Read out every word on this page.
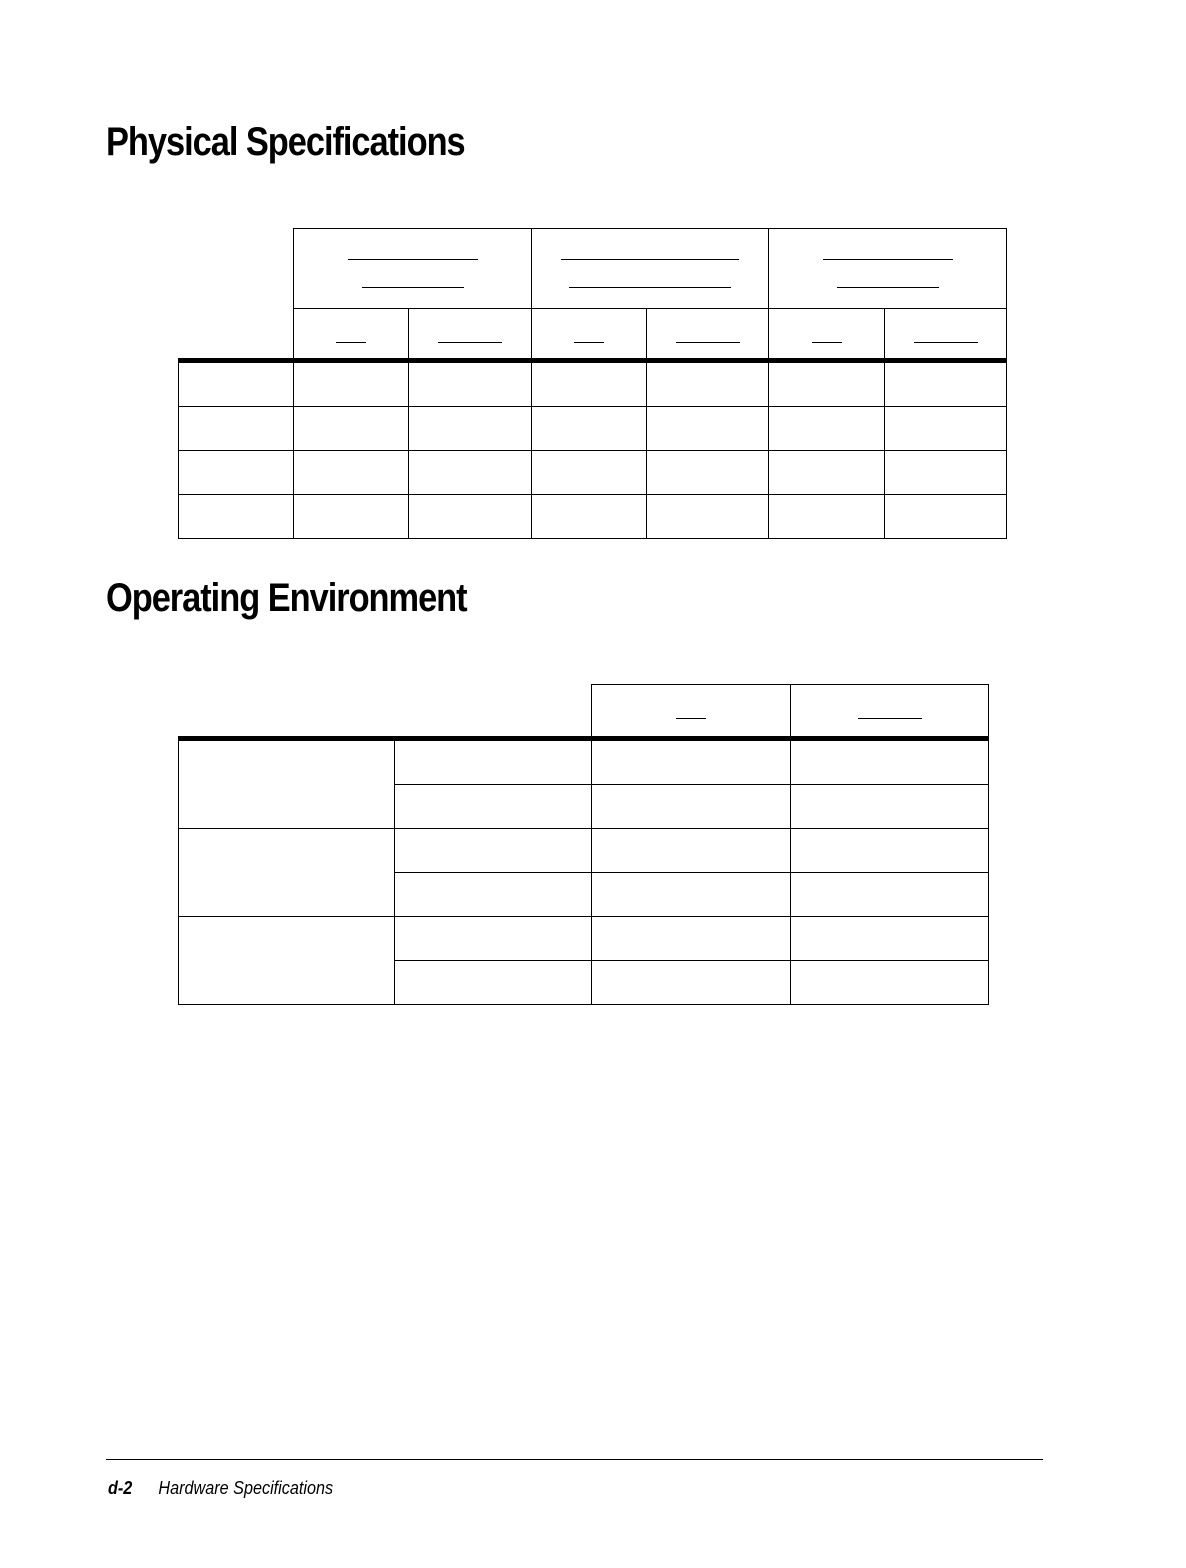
Physical Specifications

Operating Environment

d-2 Hardware Specifications
